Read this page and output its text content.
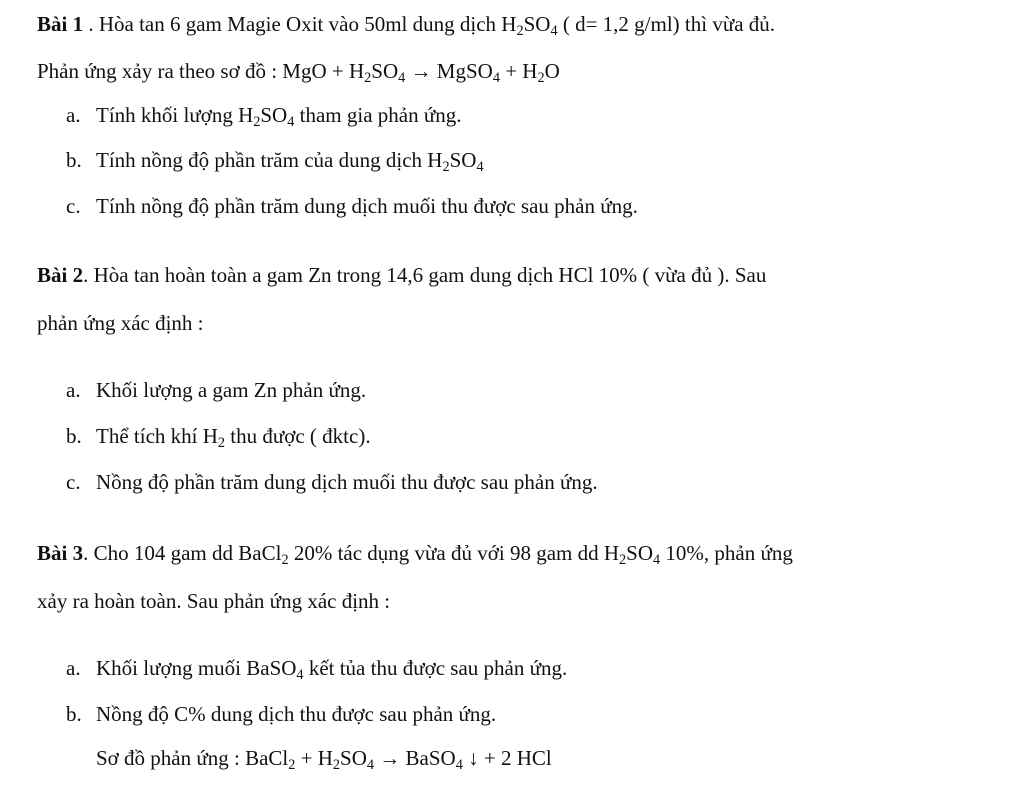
Bài 1 . Hòa tan 6 gam Magie Oxit vào 50ml dung dịch $H_2SO_4$ ( d= 1,2 g/ml) thì vừa đủ.
Phản ứng xảy ra theo sơ đồ : MgO + $H_2SO_4$ → MgSO$_4$ + $H_2O$
a. Tính khối lượng $H_2SO_4$ tham gia phản ứng.
b. Tính nồng độ phần trăm của dung dịch $H_2SO_4$
c. Tính nồng độ phần trăm dung dịch muối thu được sau phản ứng.
Bài 2. Hòa tan hoàn toàn a gam Zn trong 14,6 gam dung dịch HCl 10% ( vừa đủ ). Sau
phản ứng xác định :
a. Khối lượng a gam Zn phản ứng.
b. Thể tích khí $H_2$ thu được ( đktc).
c. Nồng độ phần trăm dung dịch muối thu được sau phản ứng.
Bài 3. Cho 104 gam dd BaCl$_2$ 20% tác dụng vừa đủ với 98 gam dd $H_2SO_4$ 10%, phản ứng
xảy ra hoàn toàn. Sau phản ứng xác định :
a. Khối lượng muối BaSO$_4$ kết tủa thu được sau phản ứng.
b. Nồng độ C% dung dịch thu được sau phản ứng.
Sơ đồ phản ứng : BaCl$_2$ + $H_2SO_4$ → BaSO$_4$ ↓ + 2 HCl
